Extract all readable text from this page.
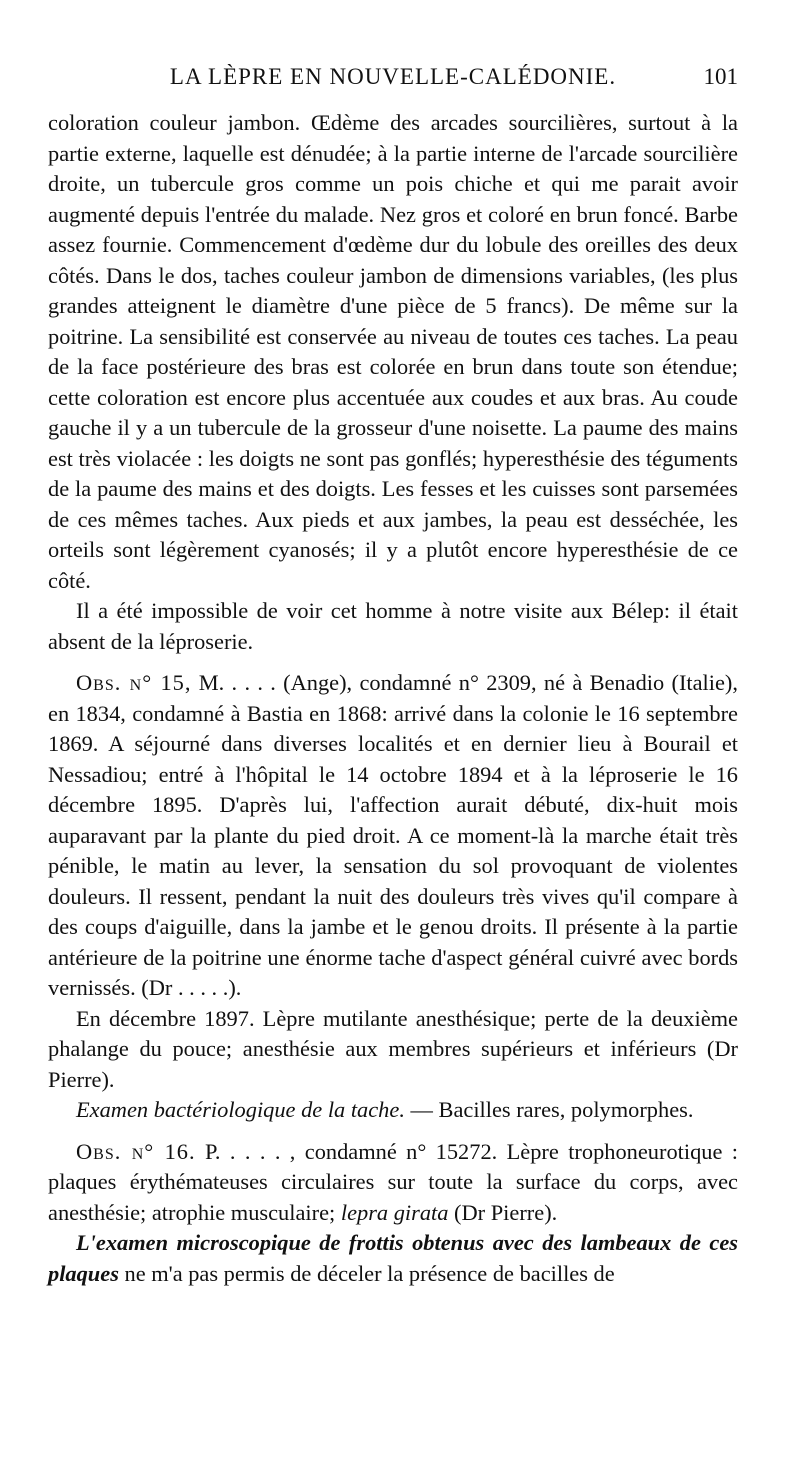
LA LÈPRE EN NOUVELLE-CALÉDONIE.	101

coloration couleur jambon. Œdème des arcades sourcilières, surtout à la partie externe, laquelle est dénudée; à la partie interne de l'arcade sourcilière droite, un tubercule gros comme un pois chiche et qui me parait avoir augmenté depuis l'entrée du malade. Nez gros et coloré en brun foncé. Barbe assez fournie. Commencement d'œdème dur du lobule des oreilles des deux côtés. Dans le dos, taches couleur jambon de dimensions variables, (les plus grandes atteignent le diamètre d'une pièce de 5 francs). De même sur la poitrine. La sensibilité est conservée au niveau de toutes ces taches. La peau de la face postérieure des bras est colorée en brun dans toute son étendue; cette coloration est encore plus accentuée aux coudes et aux bras. Au coude gauche il y a un tubercule de la grosseur d'une noisette. La paume des mains est très violacée : les doigts ne sont pas gonflés; hyperesthésie des téguments de la paume des mains et des doigts. Les fesses et les cuisses sont parsemées de ces mêmes taches. Aux pieds et aux jambes, la peau est desséchée, les orteils sont légèrement cyanosés; il y a plutôt encore hyperesthésie de ce côté.

Il a été impossible de voir cet homme à notre visite aux Bélep: il était absent de la léproserie.

Obs. n° 15, M. . . . . (Ange), condamné n° 2309, né à Benadio (Italie), en 1834, condamné à Bastia en 1868: arrivé dans la colonie le 16 septembre 1869. A séjourné dans diverses localités et en dernier lieu à Bourail et Nessadiou; entré à l'hôpital le 14 octobre 1894 et à la léproserie le 16 décembre 1895. D'après lui, l'affection aurait débuté, dix-huit mois auparavant par la plante du pied droit. A ce moment-là la marche était très pénible, le matin au lever, la sensation du sol provoquant de violentes douleurs. Il ressent, pendant la nuit des douleurs très vives qu'il compare à des coups d'aiguille, dans la jambe et le genou droits. Il présente à la partie antérieure de la poitrine une énorme tache d'aspect général cuivré avec bords vernissés. (Dr . . . . .).

En décembre 1897. Lèpre mutilante anesthésique; perte de la deuxième phalange du pouce; anesthésie aux membres supérieurs et inférieurs (Dr Pierre).

Examen bactériologique de la tache. — Bacilles rares, polymorphes.

Obs. n° 16. P. . . . . , condamné n° 15272. Lèpre trophoneurotique : plaques érythémateuses circulaires sur toute la surface du corps, avec anesthésie; atrophie musculaire; lepra girata (Dr Pierre).

L'examen microscopique de frottis obtenus avec des lambeaux de ces plaques ne m'a pas permis de déceler la présence de bacilles de
